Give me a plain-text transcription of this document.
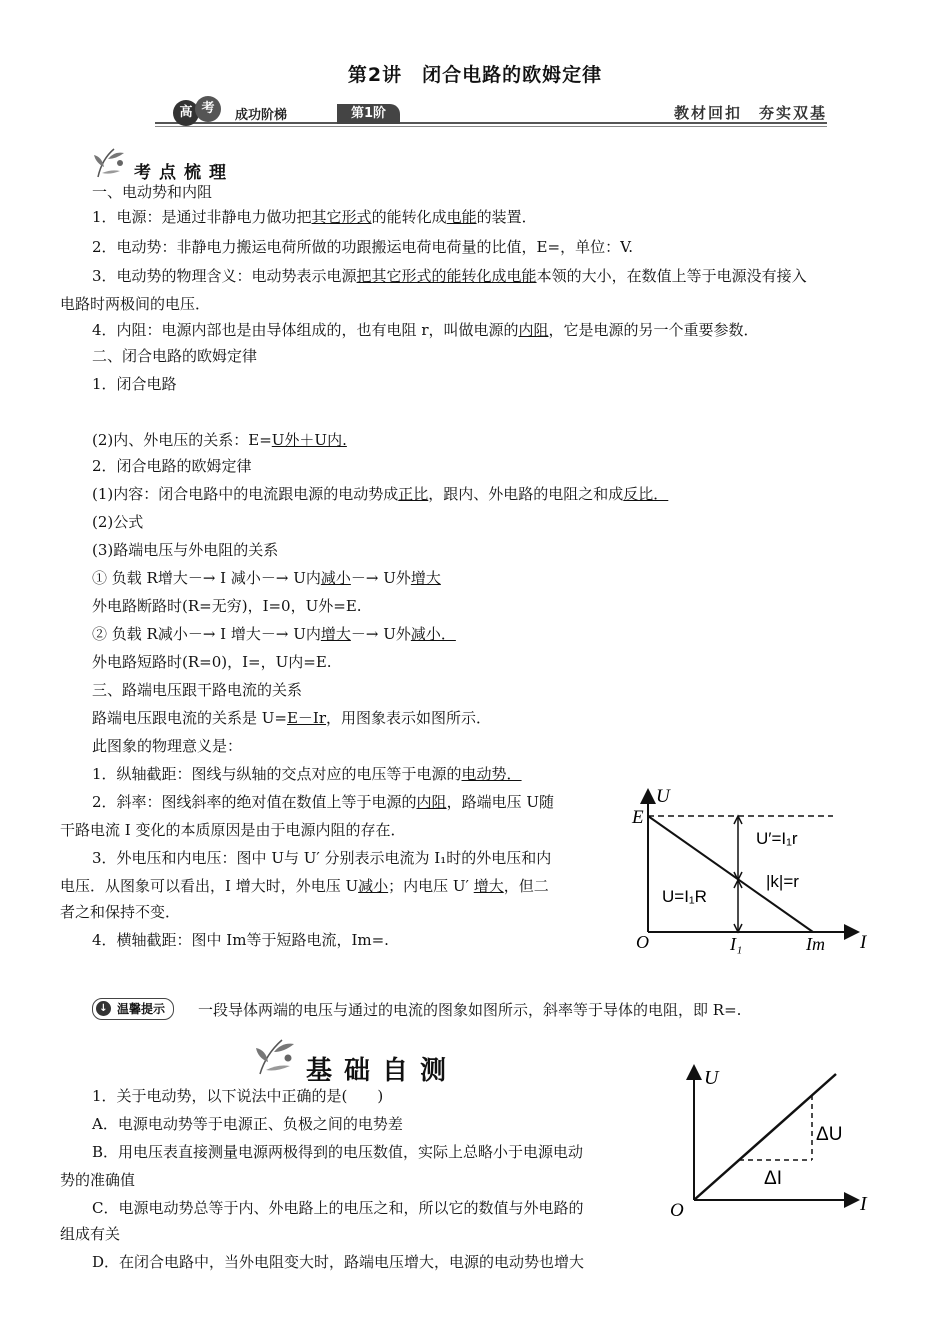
第2讲　闭合电路的欧姆定律
高 考	成功阶梯	第1阶	教材回扣　夯实双基
考点梳理
一、电动势和内阻
1．电源：是通过非静电力做功把其它形式的能转化成电能的装置．
2．电动势：非静电力搬运电荷所做的功跟搬运电荷电荷量的比值，E=，单位：V.
3．电动势的物理含义：电动势表示电源把其它形式的能转化成电能本领的大小，在数值上等于电源没有接入
电路时两极间的电压．
4．内阻：电源内部也是由导体组成的，也有电阻 r，叫做电源的内阻，它是电源的另一个重要参数．
二、闭合电路的欧姆定律
1．闭合电路
(2)内、外电压的关系：E=U外＋U内.
2．闭合电路的欧姆定律
(1)内容：闭合电路中的电流跟电源的电动势成正比，跟内、外电路的电阻之和成反比．
(2)公式
(3)路端电压与外电阻的关系
① 负载 R增大－→ I 减小－→ U内减小－→ U外增大
外电路断路时(R=无穷)，I=0，U外=E.
② 负载 R减小－→ I 增大－→ U内增大－→ U外减小．
外电路短路时(R=0)，I=，U内=E.
三、路端电压跟干路电流的关系
路端电压跟电流的关系是 U=E－Ir，用图象表示如图所示．
此图象的物理意义是：
1．纵轴截距：图线与纵轴的交点对应的电压等于电源的电动势．
2．斜率：图线斜率的绝对值在数值上等于电源的内阻，路端电压 U随
干路电流 I 变化的本质原因是由于电源内阻的存在．
3．外电压和内电压：图中 U与 U′ 分别表示电流为 I₁时的外电压和内
电压．从图象可以看出，I 增大时，外电压 U减小；内电压 U′ 增大，但二
者之和保持不变．
4．横轴截距：图中 Im等于短路电流，Im=.
U
E
O	I₁	Im I
U′=I₁r
|k|=r
U=I₁R
↓ 温馨提示	一段导体两端的电压与通过的电流的图象如图所示，斜率等于导体的电阻，即 R=.
基础自测
1．关于电动势，以下说法中正确的是(　　)
A．电源电动势等于电源正、负极之间的电势差
B．用电压表直接测量电源两极得到的电压数值，实际上总略小于电源电动
势的准确值
C．电源电动势总等于内、外电路上的电压之和，所以它的数值与外电路的
组成有关
D．在闭合电路中，当外电阻变大时，路端电压增大，电源的电动势也增大
U
O	I
ΔU
ΔI
